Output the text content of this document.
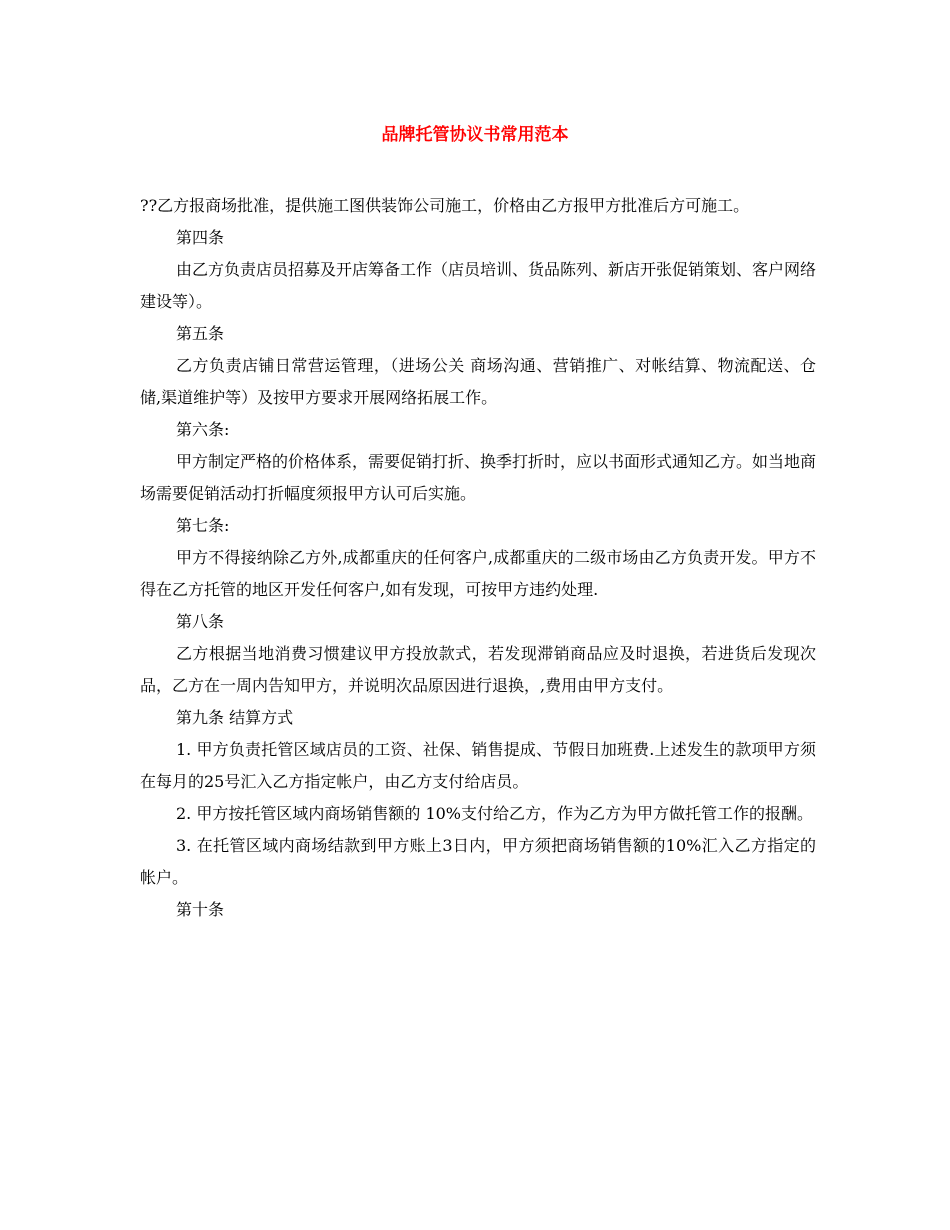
品牌托管协议书常用范本

??乙方报商场批准，提供施工图供装饰公司施工，价格由乙方报甲方批准后方可施工。

第四条

由乙方负责店员招募及开店筹备工作（店员培训、货品陈列、新店开张促销策划、客户网络建设等）。

第五条

乙方负责店铺日常营运管理，（进场公关 商场沟通、营销推广、对帐结算、物流配送、仓储,渠道维护等）及按甲方要求开展网络拓展工作。

第六条:

甲方制定严格的价格体系，需要促销打折、换季打折时，应以书面形式通知乙方。如当地商场需要促销活动打折幅度须报甲方认可后实施。

第七条:

甲方不得接纳除乙方外,成都重庆的任何客户,成都重庆的二级市场由乙方负责开发。甲方不得在乙方托管的地区开发任何客户,如有发现，可按甲方违约处理.

第八条

乙方根据当地消费习惯建议甲方投放款式，若发现滞销商品应及时退换，若进货后发现次品，乙方在一周内告知甲方，并说明次品原因进行退换，,费用由甲方支付。

第九条 结算方式

1. 甲方负责托管区域店员的工资、社保、销售提成、节假日加班费.上述发生的款项甲方须在每月的25号汇入乙方指定帐户，由乙方支付给店员。

2. 甲方按托管区域内商场销售额的 10%支付给乙方，作为乙方为甲方做托管工作的报酬。

3. 在托管区域内商场结款到甲方账上3日内，甲方须把商场销售额的10%汇入乙方指定的帐户。

第十条
